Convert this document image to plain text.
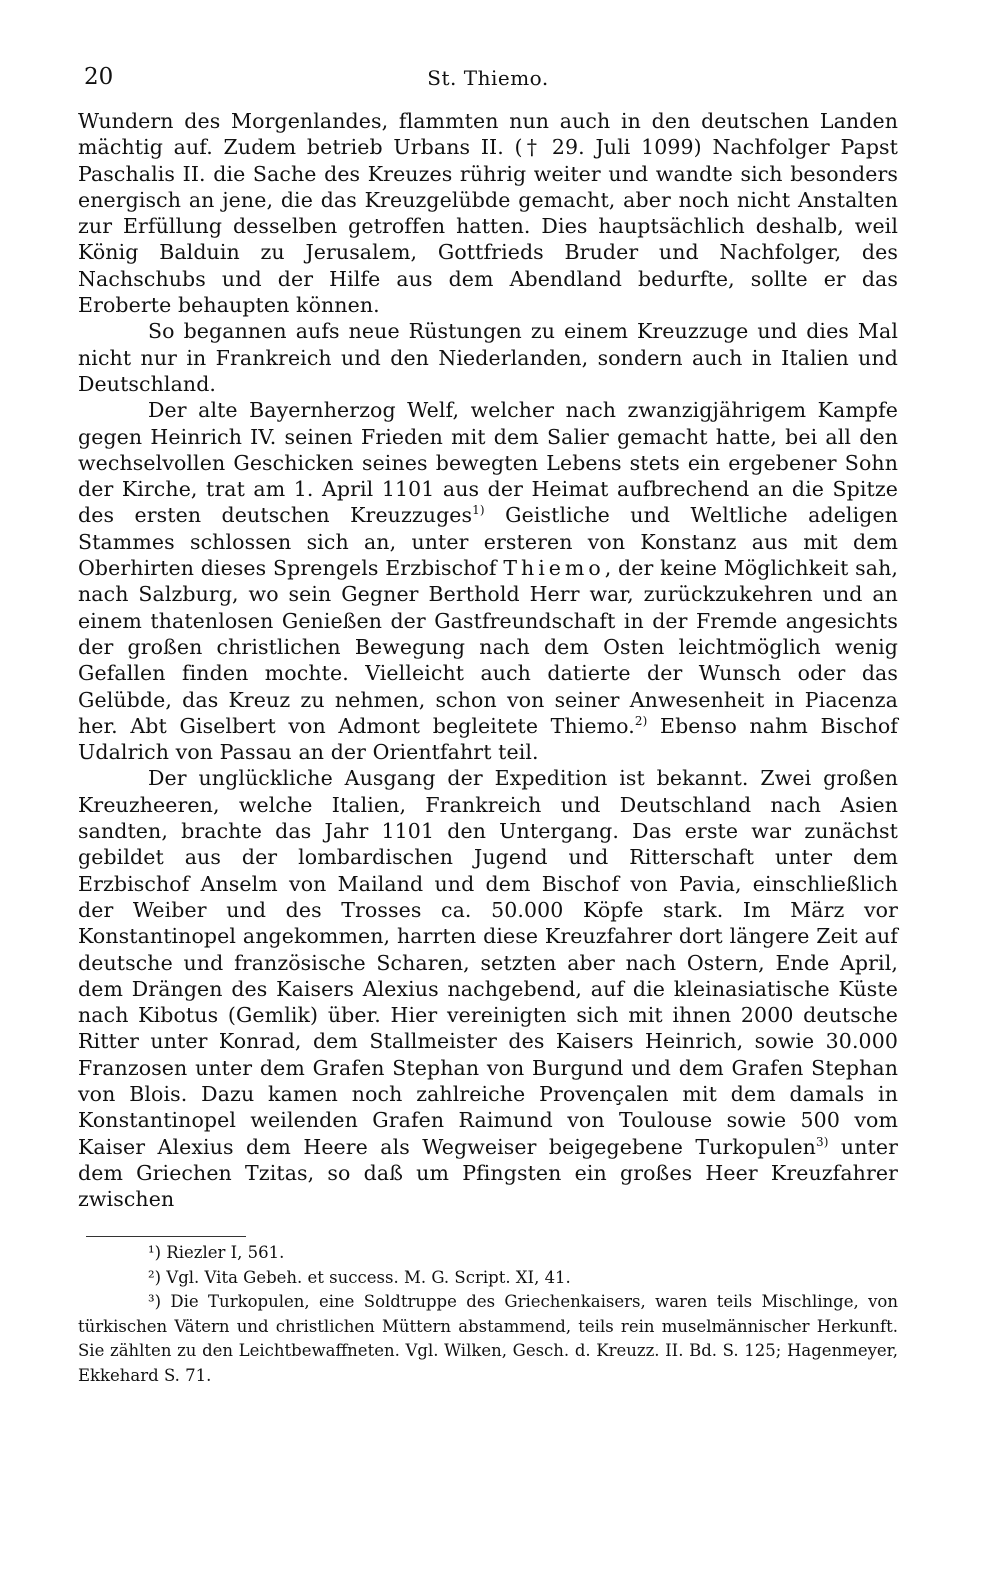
20	St. Thiemo.

Wundern des Morgenlandes, flammten nun auch in den deutschen Landen mächtig auf. Zudem betrieb Urbans II. († 29. Juli 1099) Nachfolger Papst Paschalis II. die Sache des Kreuzes rührig weiter und wandte sich besonders energisch an jene, die das Kreuzgelübde gemacht, aber noch nicht Anstalten zur Erfüllung desselben getroffen hatten. Dies hauptsächlich deshalb, weil König Balduin zu Jerusalem, Gottfrieds Bruder und Nachfolger, des Nachschubs und der Hilfe aus dem Abendland bedurfte, sollte er das Eroberte behaupten können.

So begannen aufs neue Rüstungen zu einem Kreuzzuge und dies Mal nicht nur in Frankreich und den Niederlanden, sondern auch in Italien und Deutschland.

Der alte Bayernherzog Welf, welcher nach zwanzigjährigem Kampfe gegen Heinrich IV. seinen Frieden mit dem Salier gemacht hatte, bei all den wechselvollen Geschicken seines bewegten Lebens stets ein ergebener Sohn der Kirche, trat am 1. April 1101 aus der Heimat aufbrechend an die Spitze des ersten deutschen Kreuzzuges$^{1)}$ Geistliche und Weltliche adeligen Stammes schlossen sich an, unter ersteren von Konstanz aus mit dem Oberhirten dieses Sprengels Erzbischof Thiemo, der keine Möglichkeit sah, nach Salzburg, wo sein Gegner Berthold Herr war, zurückzukehren und an einem thatenlosen Genießen der Gastfreundschaft in der Fremde angesichts der großen christlichen Bewegung nach dem Osten leichtmöglich wenig Gefallen finden mochte. Vielleicht auch datierte der Wunsch oder das Gelübde, das Kreuz zu nehmen, schon von seiner Anwesenheit in Piacenza her. Abt Giselbert von Admont begleitete Thiemo.$^{2)}$ Ebenso nahm Bischof Udalrich von Passau an der Orientfahrt teil.

Der unglückliche Ausgang der Expedition ist bekannt. Zwei großen Kreuzheeren, welche Italien, Frankreich und Deutschland nach Asien sandten, brachte das Jahr 1101 den Untergang. Das erste war zunächst gebildet aus der lombardischen Jugend und Ritterschaft unter dem Erzbischof Anselm von Mailand und dem Bischof von Pavia, einschließlich der Weiber und des Trosses ca. 50.000 Köpfe stark. Im März vor Konstantinopel angekommen, harrten diese Kreuzfahrer dort längere Zeit auf deutsche und französische Scharen, setzten aber nach Ostern, Ende April, dem Drängen des Kaisers Alexius nachgebend, auf die kleinasiatische Küste nach Kibotus (Gemlik) über. Hier vereinigten sich mit ihnen 2000 deutsche Ritter unter Konrad, dem Stallmeister des Kaisers Heinrich, sowie 30.000 Franzosen unter dem Grafen Stephan von Burgund und dem Grafen Stephan von Blois. Dazu kamen noch zahlreiche Provençalen mit dem damals in Konstantinopel weilenden Grafen Raimund von Toulouse sowie 500 vom Kaiser Alexius dem Heere als Wegweiser beigegebene Turkopulen$^{3)}$ unter dem Griechen Tzitas, so daß um Pfingsten ein großes Heer Kreuzfahrer zwischen

¹) Riezler I, 561.

²) Vgl. Vita Gebeh. et success. M. G. Script. XI, 41.

³) Die Turkopulen, eine Soldtruppe des Griechenkaisers, waren teils Mischlinge, von türkischen Vätern und christlichen Müttern abstammend, teils rein muselmännischer Herkunft. Sie zählten zu den Leichtbewaffneten. Vgl. Wilken, Gesch. d. Kreuzz. II. Bd. S. 125; Hagenmeyer, Ekkehard S. 71.
